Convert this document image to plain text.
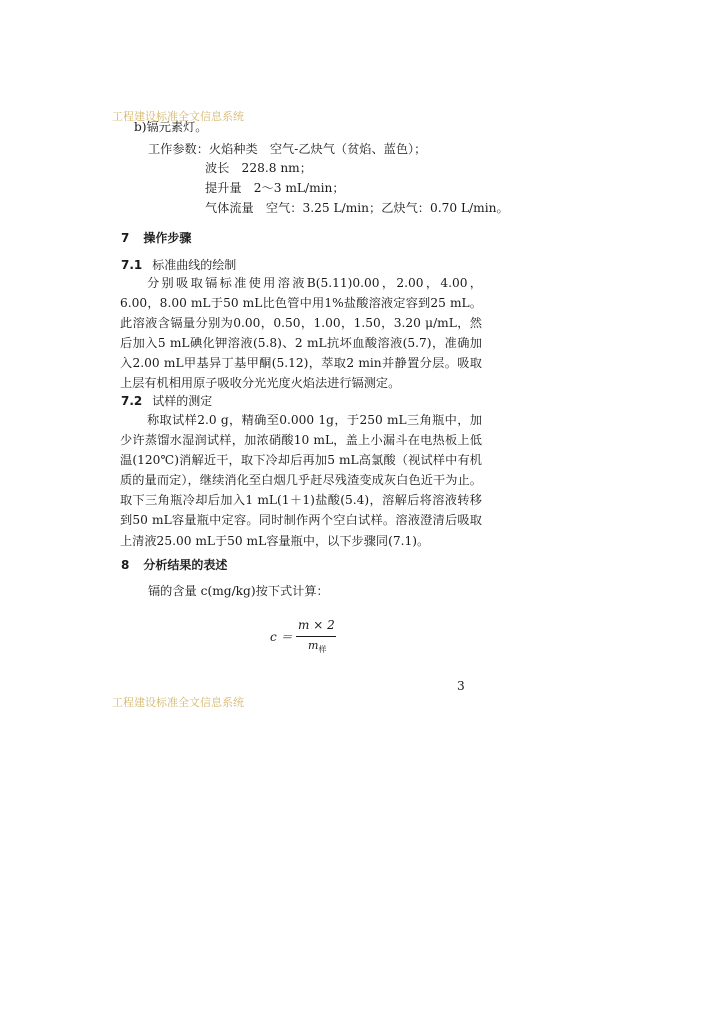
工程建设标准全文信息系统
b)镉元素灯。
工作参数：火焰种类　空气-乙炔气（贫焰、蓝色）；
波长　228.8 nm；
提升量　2～3 mL/min；
气体流量　空气：3.25 L/min；乙炔气：0.70 L/min。
7 操作步骤
7.1 标准曲线的绘制
分别吸取镉标准使用溶液B(5.11)0.00，2.00，4.00，6.00，8.00 mL于50 mL比色管中用1%盐酸溶液定容到25 mL。此溶液含镉量分别为0.00，0.50，1.00，1.50，3.20 μ/mL，然后加入5 mL碘化钾溶液(5.8)、2 mL抗坏血酸溶液(5.7)，准确加入2.00 mL甲基异丁基甲酮(5.12)，萃取2 min并静置分层。吸取上层有机相用原子吸收分光光度火焰法进行镉测定。
7.2 试样的测定
称取试样2.0 g，精确至0.000 1g，于250 mL三角瓶中，加少许蒸馏水湿润试样，加浓硝酸10 mL，盖上小漏斗在电热板上低温(120℃)消解近干，取下冷却后再加5 mL高氯酸（视试样中有机质的量而定），继续消化至白烟几乎赶尽残渣变成灰白色近干为止。取下三角瓶冷却后加入1 mL(1＋1)盐酸(5.4)，溶解后将溶液转移到50 mL容量瓶中定容。同时制作两个空白试样。溶液澄清后吸取上清液25.00 mL于50 mL容量瓶中，以下步骤同(7.1)。
8 分析结果的表述
镉的含量 c(mg/kg)按下式计算：
c ＝
m × 2
$m_样$
3
工程建设标准全文信息系统
